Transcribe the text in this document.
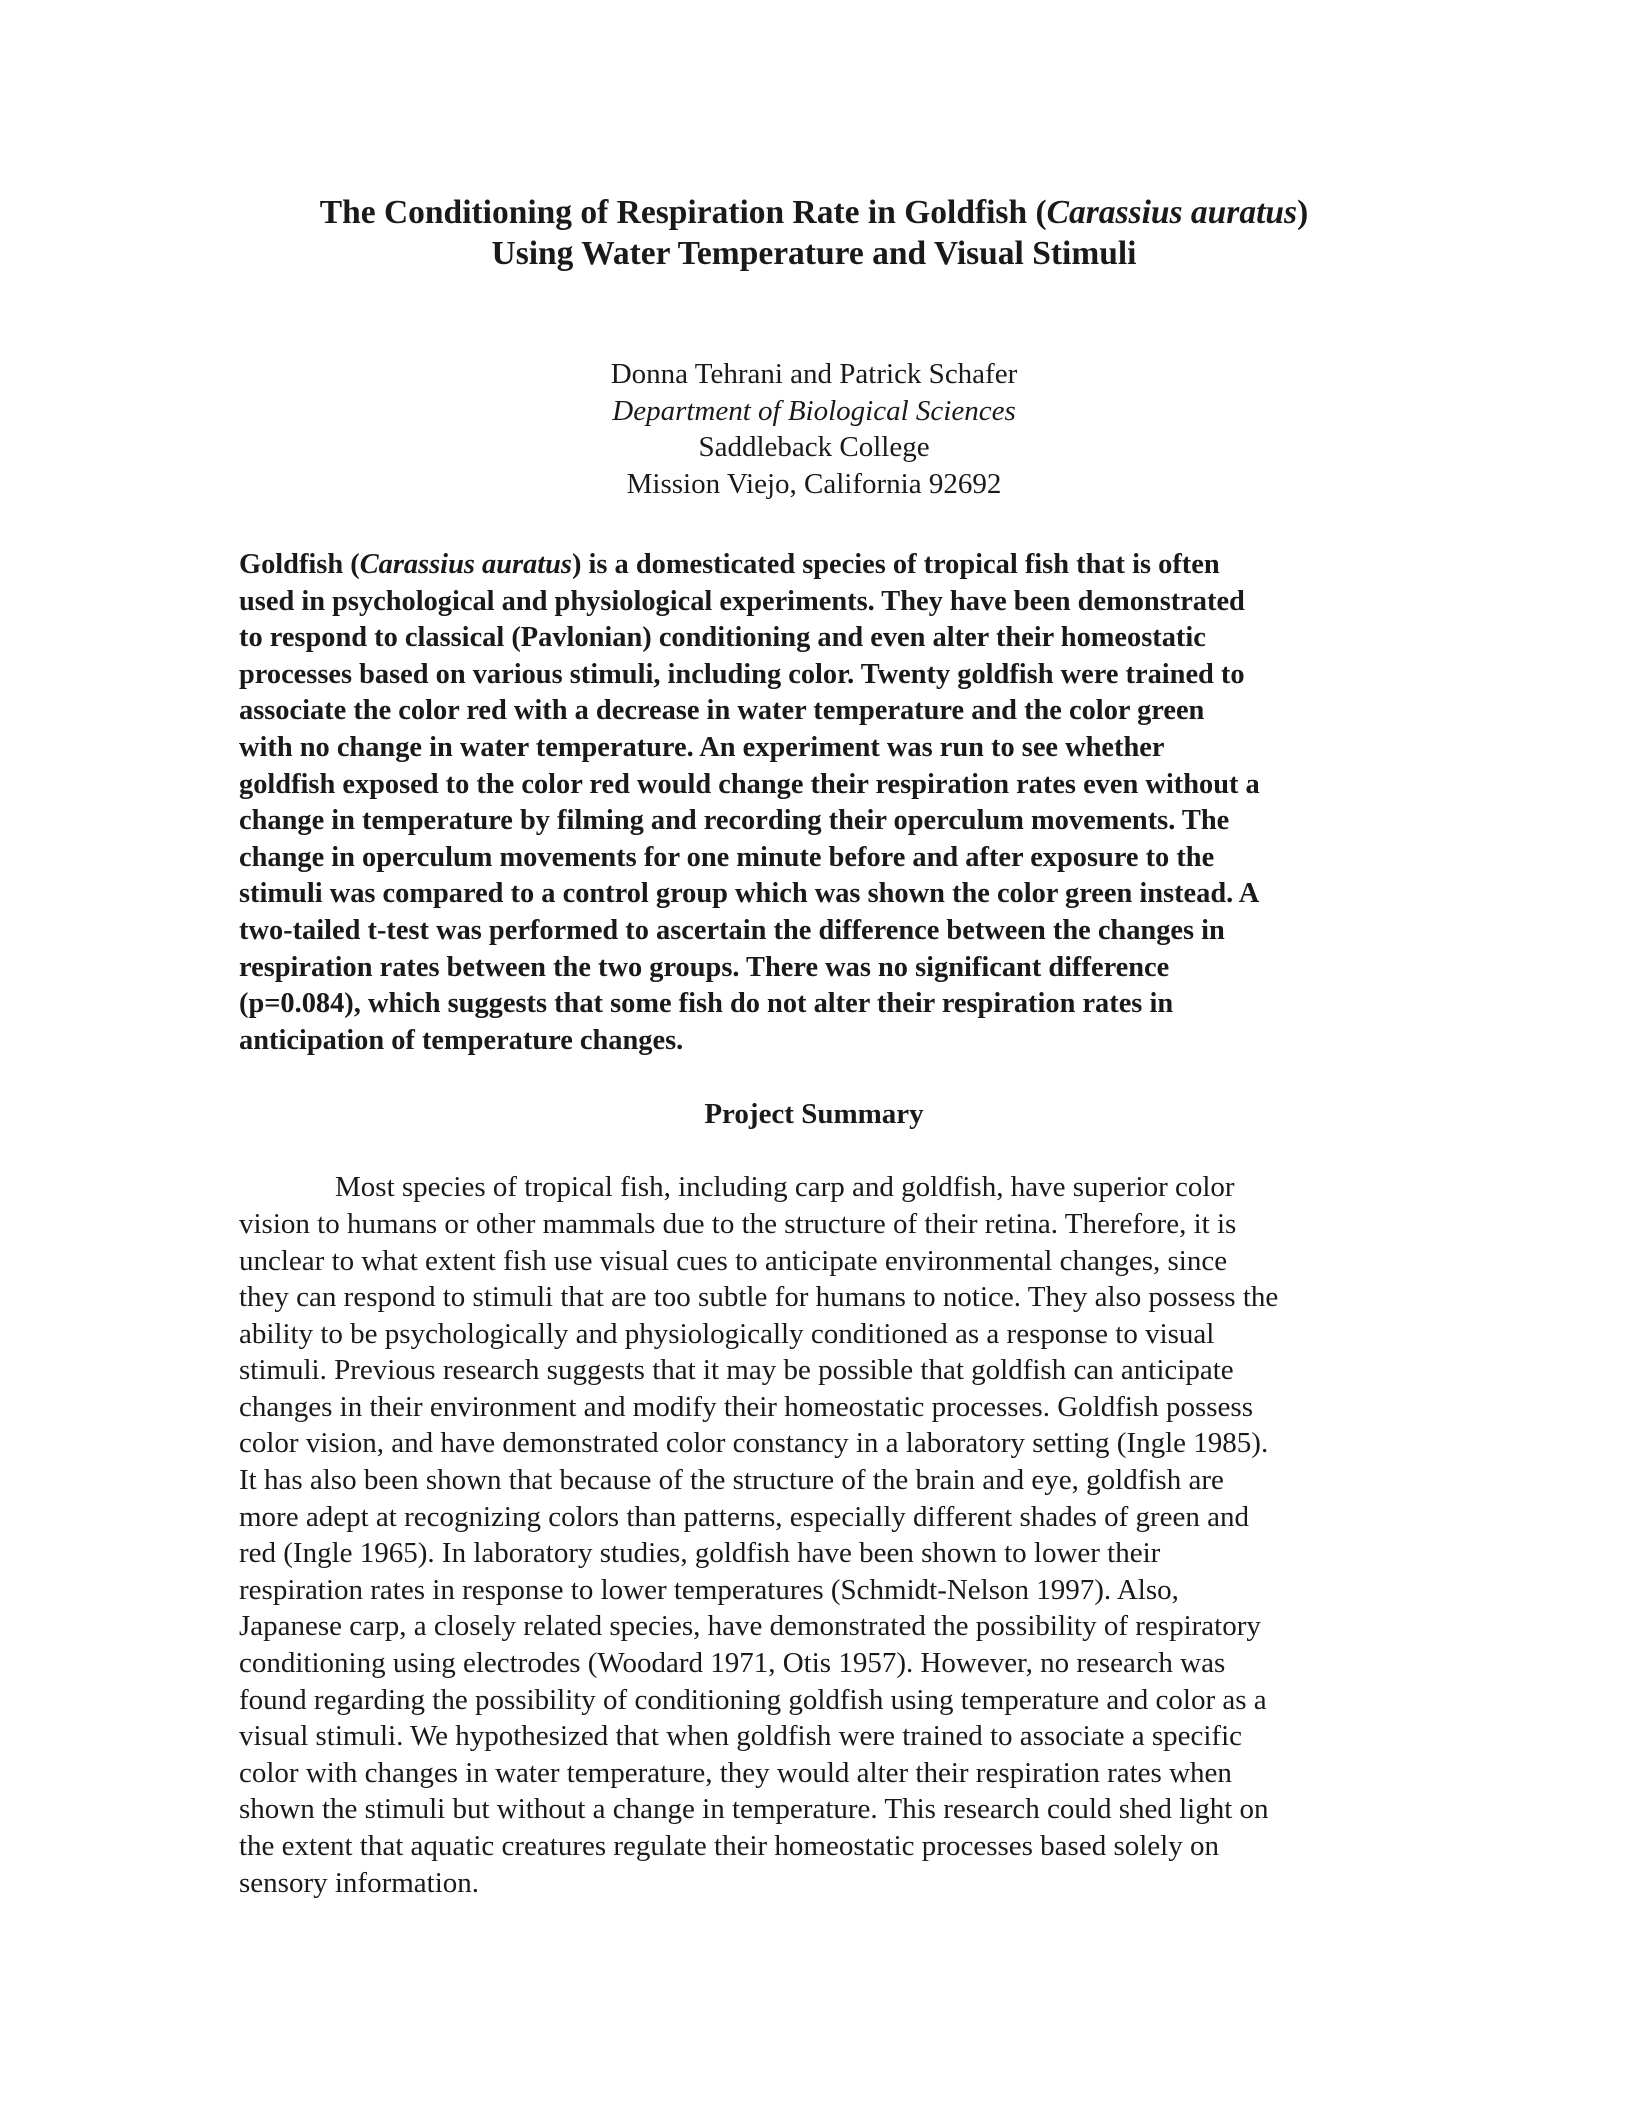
The Conditioning of Respiration Rate in Goldfish (Carassius auratus)
Using Water Temperature and Visual Stimuli
Donna Tehrani and Patrick Schafer
Department of Biological Sciences
Saddleback College
Mission Viejo, California 92692
Goldfish (Carassius auratus) is a domesticated species of tropical fish that is often
used in psychological and physiological experiments. They have been demonstrated
to respond to classical (Pavlonian) conditioning and even alter their homeostatic
processes based on various stimuli, including color. Twenty goldfish were trained to
associate the color red with a decrease in water temperature and the color green
with no change in water temperature. An experiment was run to see whether
goldfish exposed to the color red would change their respiration rates even without a
change in temperature by filming and recording their operculum movements. The
change in operculum movements for one minute before and after exposure to the
stimuli was compared to a control group which was shown the color green instead. A
two-tailed t-test was performed to ascertain the difference between the changes in
respiration rates between the two groups. There was no significant difference
(p=0.084), which suggests that some fish do not alter their respiration rates in
anticipation of temperature changes.
Project Summary
Most species of tropical fish, including carp and goldfish, have superior color
vision to humans or other mammals due to the structure of their retina. Therefore, it is
unclear to what extent fish use visual cues to anticipate environmental changes, since
they can respond to stimuli that are too subtle for humans to notice. They also possess the
ability to be psychologically and physiologically conditioned as a response to visual
stimuli. Previous research suggests that it may be possible that goldfish can anticipate
changes in their environment and modify their homeostatic processes. Goldfish possess
color vision, and have demonstrated color constancy in a laboratory setting (Ingle 1985).
It has also been shown that because of the structure of the brain and eye, goldfish are
more adept at recognizing colors than patterns, especially different shades of green and
red (Ingle 1965). In laboratory studies, goldfish have been shown to lower their
respiration rates in response to lower temperatures (Schmidt-Nelson 1997). Also,
Japanese carp, a closely related species, have demonstrated the possibility of respiratory
conditioning using electrodes (Woodard 1971, Otis 1957). However, no research was
found regarding the possibility of conditioning goldfish using temperature and color as a
visual stimuli. We hypothesized that when goldfish were trained to associate a specific
color with changes in water temperature, they would alter their respiration rates when
shown the stimuli but without a change in temperature. This research could shed light on
the extent that aquatic creatures regulate their homeostatic processes based solely on
sensory information.
